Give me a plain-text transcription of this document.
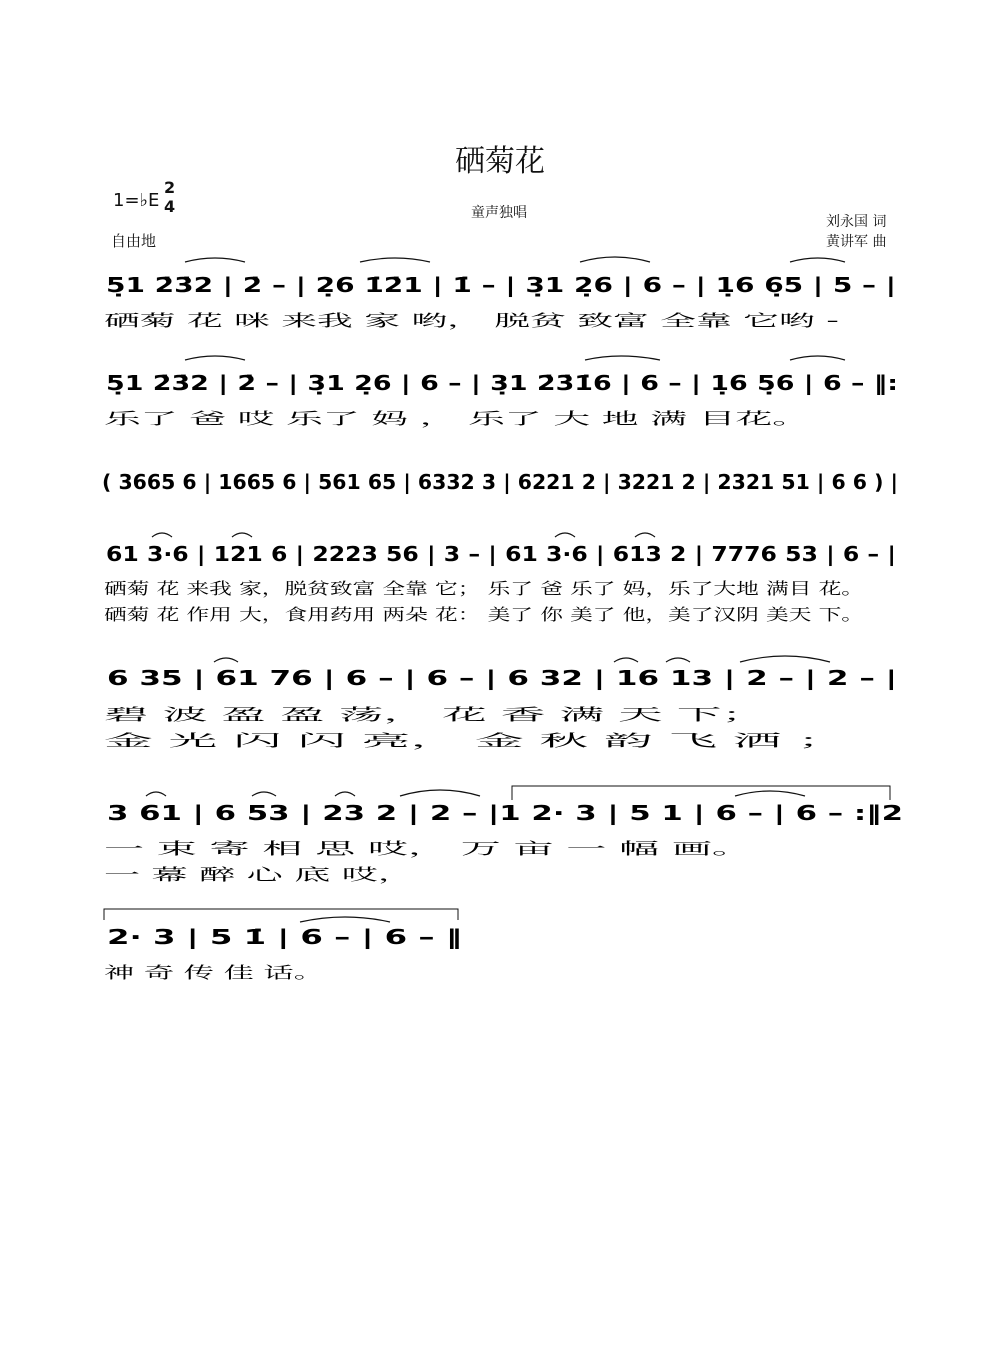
硒菊花
1=♭E
2
4
自由地
童声独唱
刘永国 词
黄讲军 曲
5̣1 2̇3̇2 | 2̇ – | 2̣6 1̇2̇1 | 1̇ – | 3̣1 2̣6 | 6 – | 1̣6 6̣5 | 5 – |
硒菊 花 咪 来我 家 哟， 脱贫 致富 全靠 它哟 -
5̣1 2̇3̇2 | 2̇ – | 3̣1 2̣6 | 6 – | 3̣1 2̇3̇1̇6 | 6 – | 1̣6 5̣6 | 6 – ‖:
乐了 爸 哎 乐了 妈 ， 乐了 大 地 满 目花。
( 3665 6 | 1665 6 | 561 65 | 6332 3 | 6221 2 | 3221 2 | 2321 51 | 6 6 ) |
61 3·6 | 121 6 | 2223 56 | 3 – | 61 3·6 | 613 2 | 7776 53 | 6 – |
硒菊 花 来我 家，脱贫致富 全靠 它； 乐了 爸 乐了 妈，乐了大地 满目 花。
硒菊 花 作用 大，食用药用 两朵 花： 美了 你 美了 他，美了汉阴 美天 下。
6 35 | 61 76 | 6 – | 6 – | 6 32 | 16 13 | 2 – | 2 – |
碧 波 盈 盈 荡， 花 香 满 天 下；
金 光 闪 闪 亮， 金 秋 韵 飞 洒 ；
3 61 | 6 53 | 23 2 | 2 – |1 2· 3 | 5 1 | 6 – | 6 – :‖2
一 束 寄 相 思 哎， 万 亩 一 幅 画。
一 幕 醉 心 底 哎，
2· 3 | 5 1̇ | 6 – | 6 – ‖
神 奇 传 佳 话。
